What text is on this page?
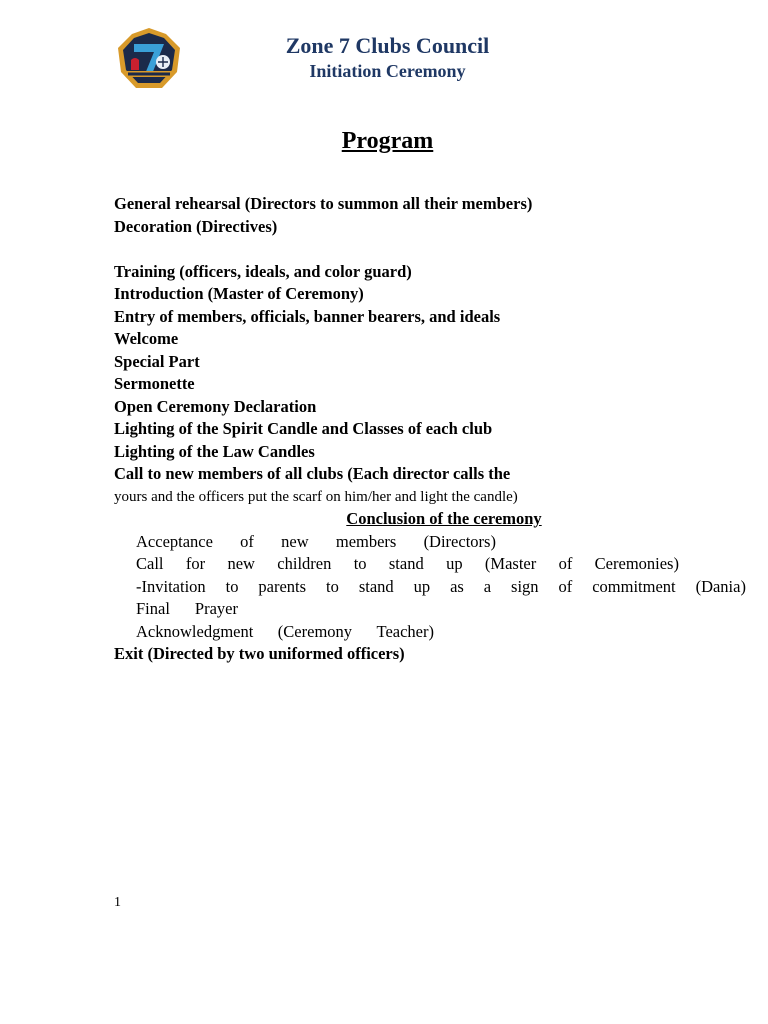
Zone 7 Clubs Council
Initiation Ceremony
Program
General rehearsal (Directors to summon all their members)
Decoration (Directives)
Training (officers, ideals, and color guard)
Introduction (Master of Ceremony)
Entry of members, officials, banner bearers, and ideals
Welcome
Special Part
Sermonette
Open Ceremony Declaration
Lighting of the Spirit Candle and Classes of each club
Lighting of the Law Candles
Call to new members of all clubs (Each director calls the
yours and the officers put the scarf on him/her and light the candle)
Conclusion of the ceremony
Acceptance of new members (Directors)
Call for new children to stand up (Master of Ceremonies)
-Invitation to parents to stand up as a sign of commitment (Dania)
Final Prayer
Acknowledgment (Ceremony Teacher)
Exit (Directed by two uniformed officers)
1
